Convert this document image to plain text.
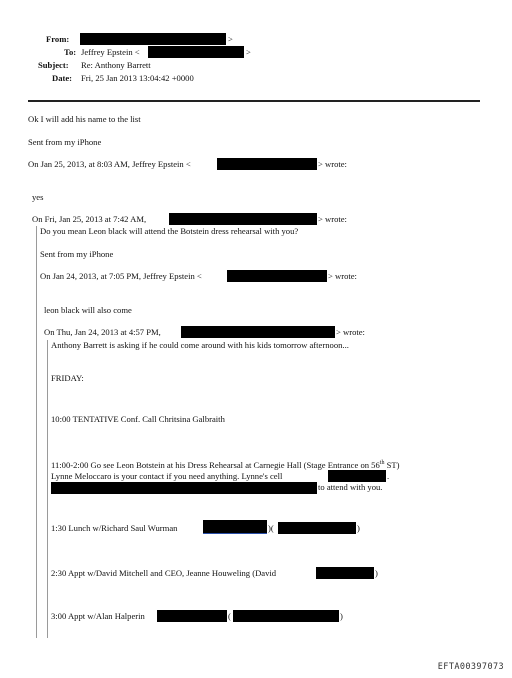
From:	>
To: Jeffrey Epstein <	>
Subject: Re: Anthony Barrett
Date: Fri, 25 Jan 2013 13:04:42 +0000
Ok I will add his name to the list
Sent from my iPhone
On Jan 25, 2013, at 8:03 AM, Jeffrey Epstein <	> wrote:
yes
On Fri, Jan 25, 2013 at 7:42 AM,	> wrote:
Do you mean Leon black will attend the Botstein dress rehearsal with you?
Sent from my iPhone
On Jan 24, 2013, at 7:05 PM, Jeffrey Epstein <	> wrote:
leon black will also come
On Thu, Jan 24, 2013 at 4:57 PM,	> wrote:
Anthony Barrett is asking if he could come around with his kids tomorrow afternoon...
FRIDAY:
10:00 TENTATIVE Conf. Call Chritsina Galbraith
11:00-2:00 Go see Leon Botstein at his Dress Rehearsal at Carnegie Hall (Stage Entrance on 56th ST)
Lynne Meloccaro is your contact if you need anything. Lynne's cell	.
to attend with you.
1:30 Lunch w/Richard Saul Wurman	)(	)
2:30 Appt w/David Mitchell and CEO, Jeanne Houweling (David	)
3:00 Appt w/Alan Halperin	(	)
EFTA00397073
